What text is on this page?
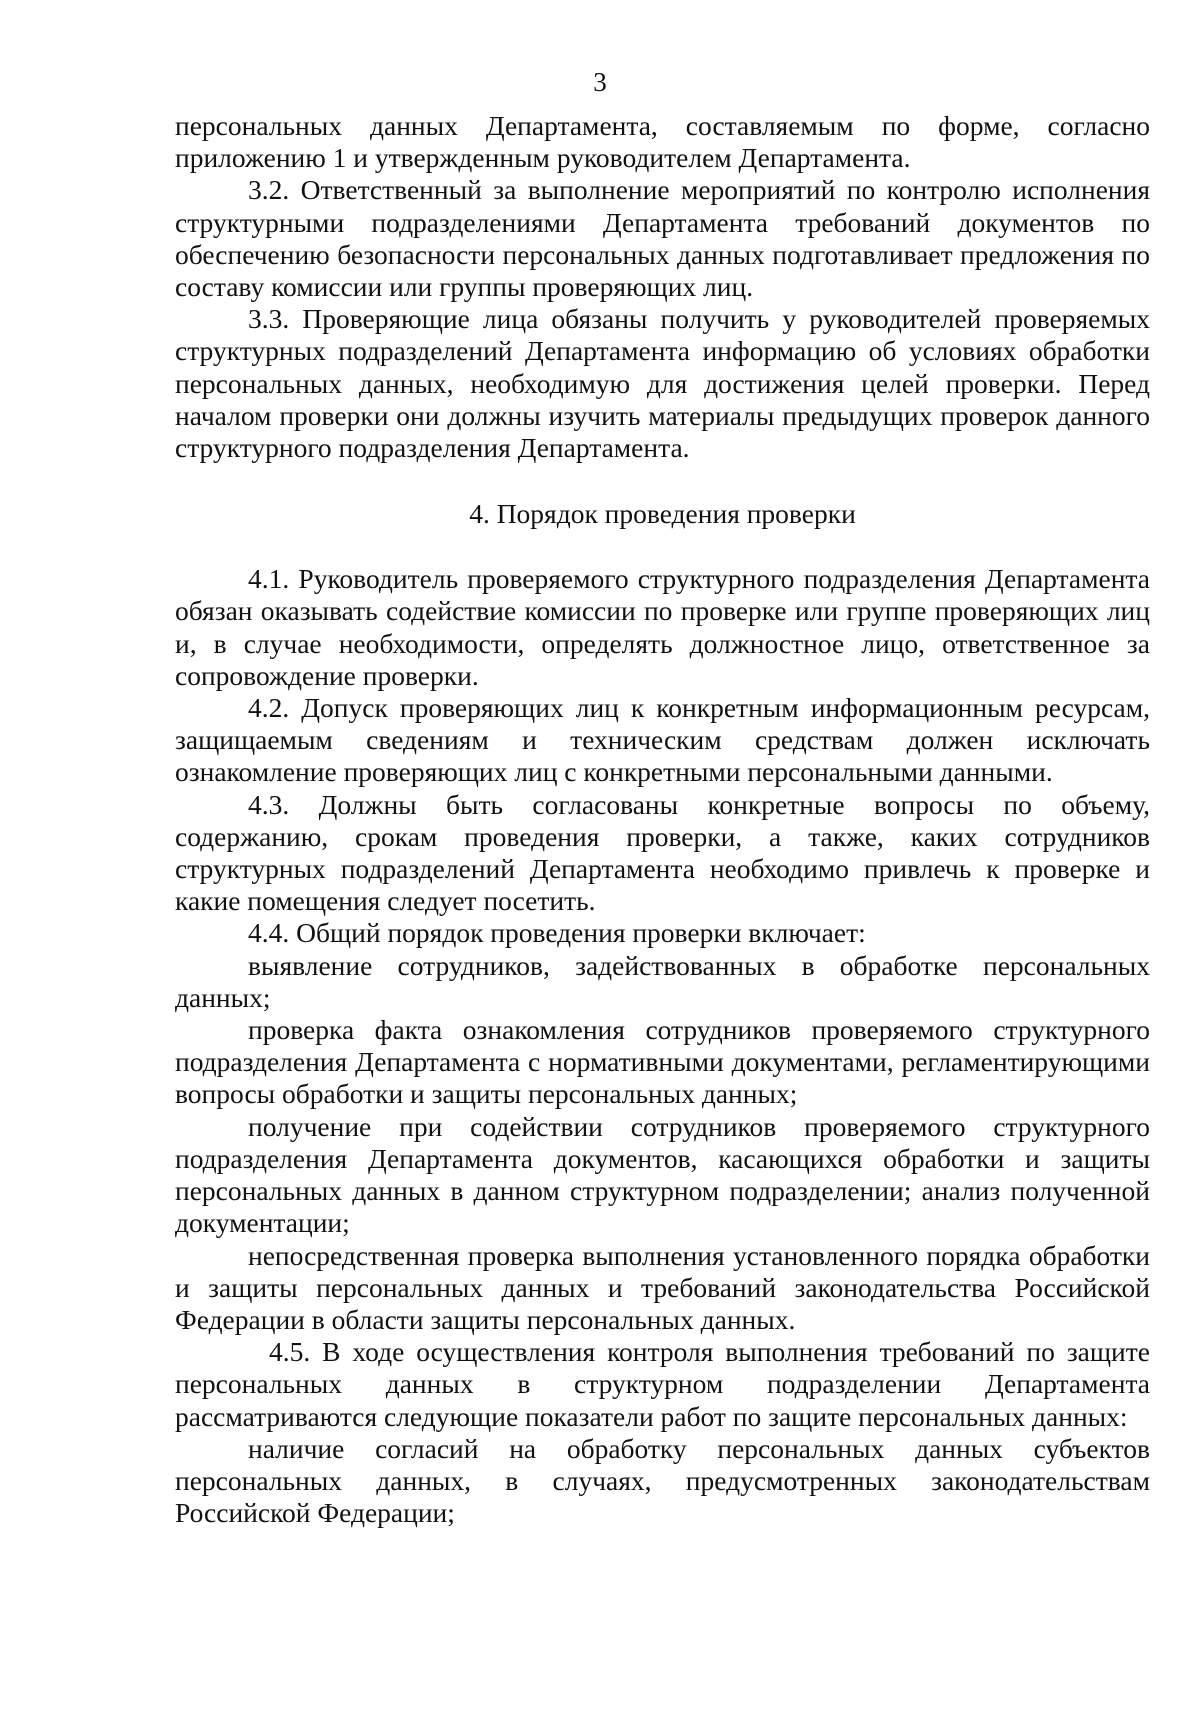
3

персональных данных Департамента, составляемым по форме, согласно приложению 1 и утвержденным руководителем Департамента.

3.2. Ответственный за выполнение мероприятий по контролю исполнения структурными подразделениями Департамента требований документов по обеспечению безопасности персональных данных подготавливает предложения по составу комиссии или группы проверяющих лиц.

3.3. Проверяющие лица обязаны получить у руководителей проверяемых структурных подразделений Департамента информацию об условиях обработки персональных данных, необходимую для достижения целей проверки. Перед началом проверки они должны изучить материалы предыдущих проверок данного структурного подразделения Департамента.

4. Порядок проведения проверки

4.1. Руководитель проверяемого структурного подразделения Департамента обязан оказывать содействие комиссии по проверке или группе проверяющих лиц и, в случае необходимости, определять должностное лицо, ответственное за сопровождение проверки.

4.2. Допуск проверяющих лиц к конкретным информационным ресурсам, защищаемым сведениям и техническим средствам должен исключать ознакомление проверяющих лиц с конкретными персональными данными.

4.3. Должны быть согласованы конкретные вопросы по объему, содержанию, срокам проведения проверки, а также, каких сотрудников структурных подразделений Департамента необходимо привлечь к проверке и какие помещения следует посетить.

4.4. Общий порядок проведения проверки включает:

выявление сотрудников, задействованных в обработке персональных данных;

проверка факта ознакомления сотрудников проверяемого структурного подразделения Департамента с нормативными документами, регламентирующими вопросы обработки и защиты персональных данных;

получение при содействии сотрудников проверяемого структурного подразделения Департамента документов, касающихся обработки и защиты персональных данных в данном структурном подразделении; анализ полученной документации;

непосредственная проверка выполнения установленного порядка обработки и защиты персональных данных и требований законодательства Российской Федерации в области защиты персональных данных.

4.5. В ходе осуществления контроля выполнения требований по защите персональных данных в структурном подразделении Департамента рассматриваются следующие показатели работ по защите персональных данных:

наличие согласий на обработку персональных данных субъектов персональных данных, в случаях, предусмотренных законодательствам Российской Федерации;
